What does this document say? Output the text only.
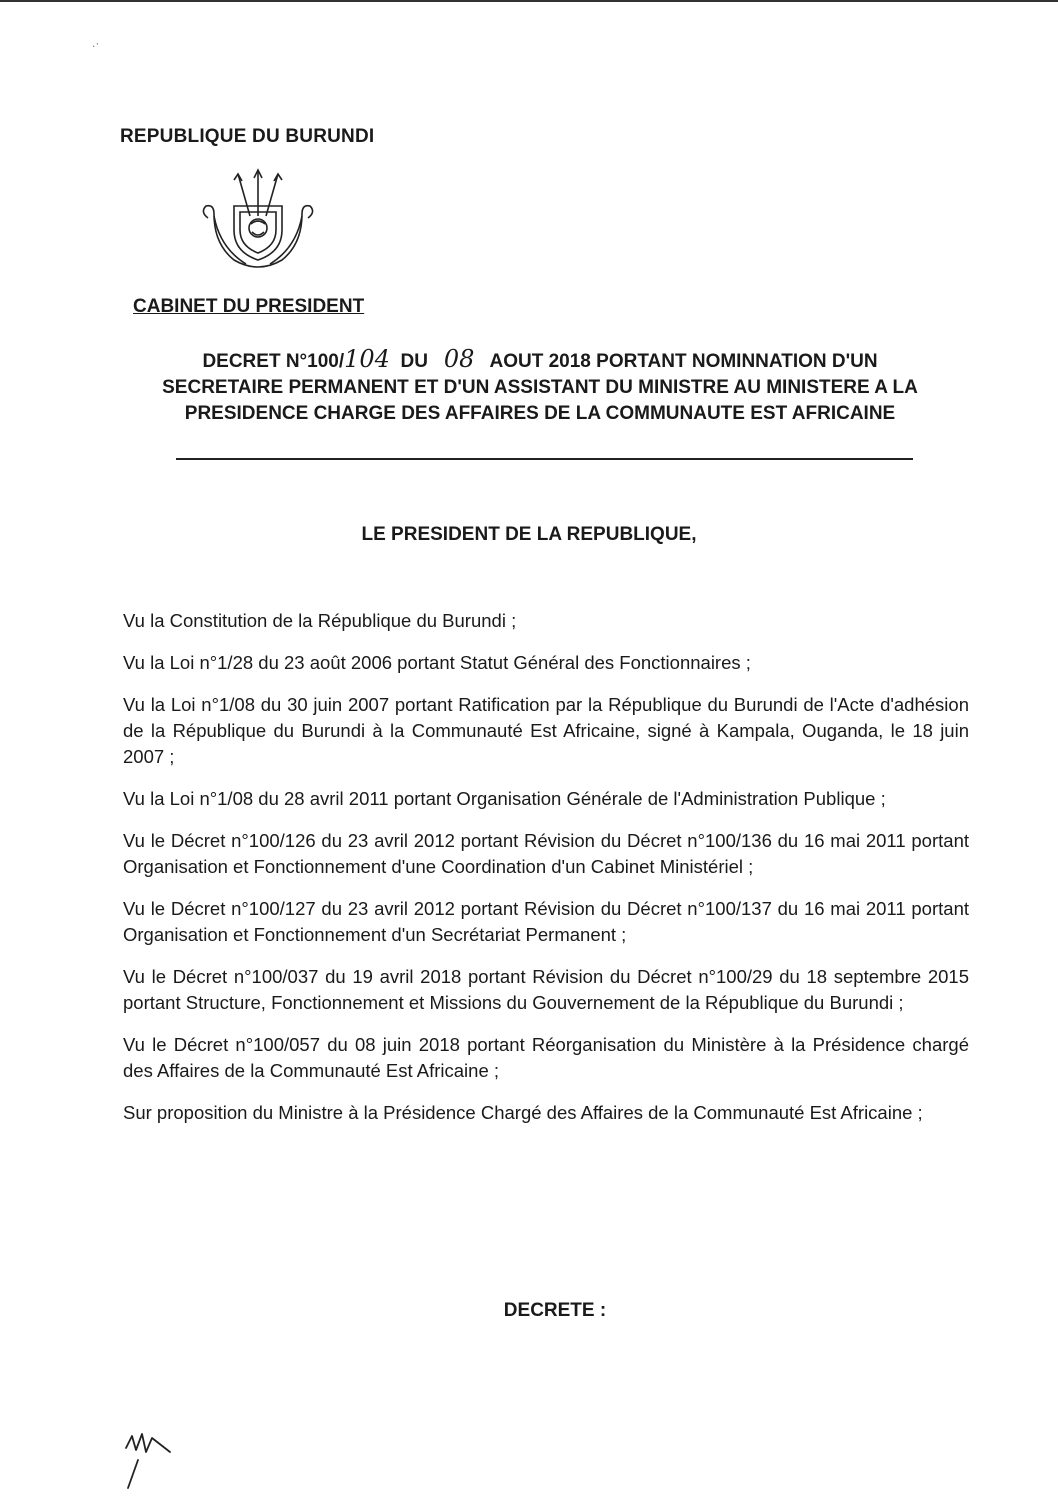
.·
REPUBLIQUE DU BURUNDI
CABINET DU PRESIDENT
DECRET N°100/104 DU 08 AOUT 2018 PORTANT NOMINNATION D'UN
SECRETAIRE PERMANENT ET D'UN ASSISTANT DU MINISTRE AU MINISTERE A LA
PRESIDENCE CHARGE DES AFFAIRES DE LA COMMUNAUTE EST AFRICAINE
LE PRESIDENT DE LA REPUBLIQUE,

Vu la Constitution de la République du Burundi ;

Vu la Loi n°1/28 du 23 août 2006 portant Statut Général des Fonctionnaires ;

Vu la Loi n°1/08 du 30 juin 2007 portant Ratification par la République du Burundi de l'Acte d'adhésion de la République du Burundi à la Communauté Est Africaine, signé à Kampala, Ouganda, le 18 juin 2007 ;

Vu la Loi n°1/08 du 28 avril 2011 portant Organisation Générale de l'Administration Publique ;

Vu le Décret n°100/126 du 23 avril 2012 portant Révision du Décret n°100/136 du 16 mai 2011 portant Organisation et Fonctionnement d'une Coordination d'un Cabinet Ministériel ;

Vu le Décret n°100/127 du 23 avril 2012 portant Révision du Décret n°100/137 du 16 mai 2011 portant Organisation et Fonctionnement d'un Secrétariat Permanent ;

Vu le Décret n°100/037 du 19 avril 2018 portant Révision du Décret n°100/29 du 18 septembre 2015 portant Structure, Fonctionnement et Missions du Gouvernement de la République du Burundi ;

Vu le Décret n°100/057 du 08 juin 2018 portant Réorganisation du Ministère à la Présidence chargé des Affaires de la Communauté Est Africaine ;

Sur proposition du Ministre à la Présidence Chargé des Affaires de la Communauté Est Africaine ;

DECRETE :
